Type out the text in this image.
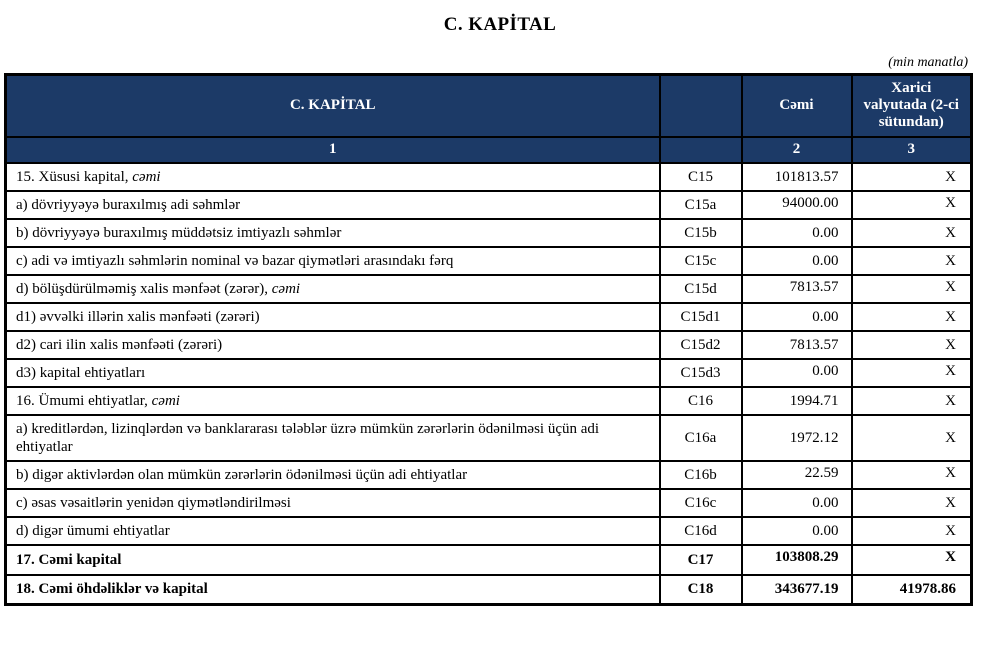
C. KAPİTAL
(min manatla)
C. KAPİTAL		Cəmi	Xarici valyutada (2-ci sütundan)
1		2	3
15. Xüsusi kapital, cəmi	C15	101813.57	X
a) dövriyyəyə buraxılmış adi səhmlər	C15a	94000.00	X
b) dövriyyəyə buraxılmış müddətsiz imtiyazlı səhmlər	C15b	0.00	X
c) adi və imtiyazlı səhmlərin nominal və bazar qiymətləri arasındakı fərq	C15c	0.00	X
d) bölüşdürülməmiş xalis mənfəət (zərər), cəmi	C15d	7813.57	X
d1) əvvəlki illərin xalis mənfəəti (zərəri)	C15d1	0.00	X
d2) cari ilin xalis mənfəəti (zərəri)	C15d2	7813.57	X
d3) kapital ehtiyatları	C15d3	0.00	X
16. Ümumi ehtiyatlar, cəmi	C16	1994.71	X
a) kreditlərdən, lizinqlərdən və banklararası tələblər üzrə mümkün zərərlərin ödənilməsi üçün adi ehtiyatlar	C16a	1972.12	X
b) digər aktivlərdən olan mümkün zərərlərin ödənilməsi üçün adi ehtiyatlar	C16b	22.59	X
c) əsas vəsaitlərin yenidən qiymətləndirilməsi	C16c	0.00	X
d) digər ümumi ehtiyatlar	C16d	0.00	X
17. Cəmi kapital	C17	103808.29	X
18. Cəmi öhdəliklər və kapital	C18	343677.19	41978.86
